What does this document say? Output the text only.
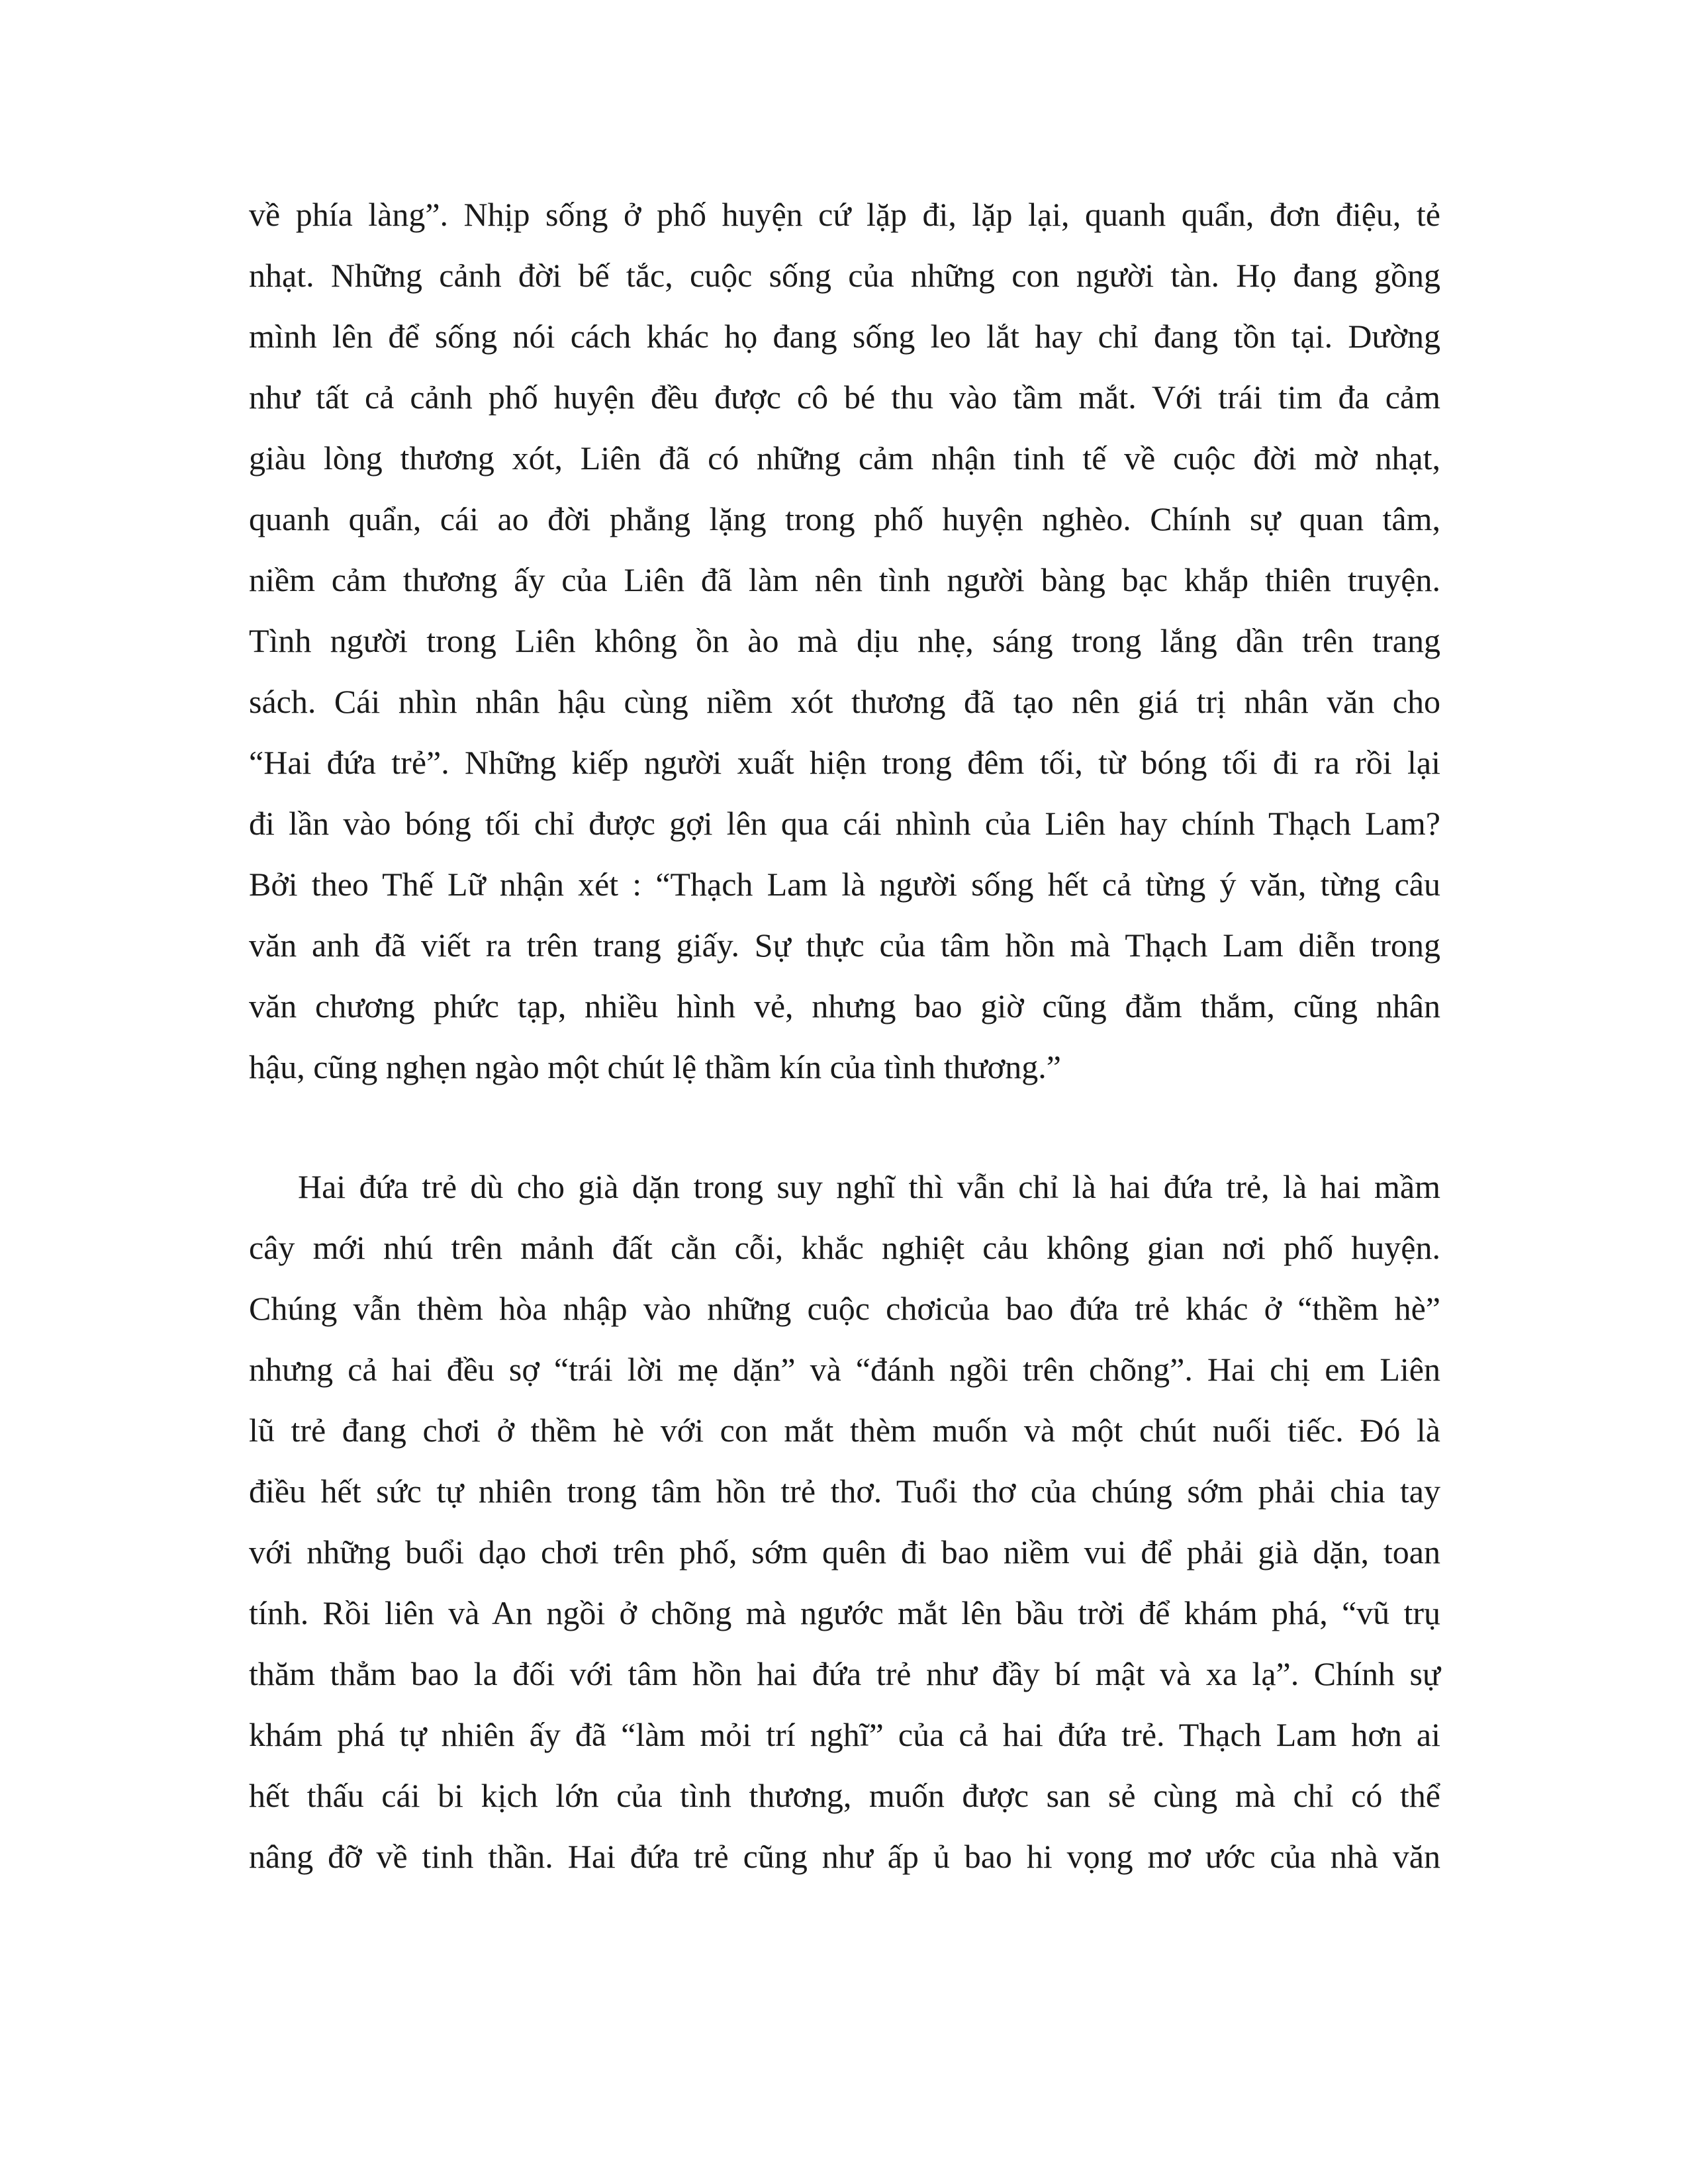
về phía làng”. Nhịp sống ở phố huyện cứ lặp đi, lặp lại, quanh quẩn, đơn điệu, tẻ
nhạt. Những cảnh đời bế tắc, cuộc sống của những con người tàn. Họ đang gồng
mình lên để sống nói cách khác họ đang sống leo lắt hay chỉ đang tồn tại. Dường
như tất cả cảnh phố huyện đều được cô bé thu vào tầm mắt. Với trái tim đa cảm
giàu lòng thương xót, Liên đã có những cảm nhận tinh tế về cuộc đời mờ nhạt,
quanh quẩn, cái ao đời phẳng lặng trong phố huyện nghèo. Chính sự quan tâm,
niềm cảm thương ấy của Liên đã làm nên tình người bàng bạc khắp thiên truyện.
Tình người trong Liên không ồn ào mà dịu nhẹ, sáng trong lắng dần trên trang
sách. Cái nhìn nhân hậu cùng niềm xót thương đã tạo nên giá trị nhân văn cho
“Hai đứa trẻ”. Những kiếp người xuất hiện trong đêm tối, từ bóng tối đi ra rồi lại
đi lần vào bóng tối chỉ được gợi lên qua cái nhình của Liên hay chính Thạch Lam?
Bởi theo Thế Lữ nhận xét : “Thạch Lam là người sống hết cả từng ý văn, từng câu
văn anh đã viết ra trên trang giấy. Sự thực của tâm hồn mà Thạch Lam diễn trong
văn chương phức tạp, nhiều hình vẻ, nhưng bao giờ cũng đằm thắm, cũng nhân
hậu, cũng nghẹn ngào một chút lệ thầm kín của tình thương.”
Hai đứa trẻ dù cho già dặn trong suy nghĩ thì vẫn chỉ là hai đứa trẻ, là hai mầm
cây mới nhú trên mảnh đất cằn cỗi, khắc nghiệt cảu không gian nơi phố huyện.
Chúng vẫn thèm hòa nhập vào những cuộc chơicủa bao đứa trẻ khác ở “thềm hè”
nhưng cả hai đều sợ “trái lời mẹ dặn” và “đánh ngồi trên chõng”. Hai chị em Liên
lũ trẻ đang chơi ở thềm hè với con mắt thèm muốn và một chút nuối tiếc. Đó là
điều hết sức tự nhiên trong tâm hồn trẻ thơ. Tuổi thơ của chúng sớm phải chia tay
với những buổi dạo chơi trên phố, sớm quên đi bao niềm vui để phải già dặn, toan
tính. Rồi liên và An ngồi ở chõng mà ngước mắt lên bầu trời để khám phá, “vũ trụ
thăm thẳm bao la đối với tâm hồn hai đứa trẻ như đầy bí mật và xa lạ”. Chính sự
khám phá tự nhiên ấy đã “làm mỏi trí nghĩ” của cả hai đứa trẻ. Thạch Lam hơn ai
hết thấu cái bi kịch lớn của tình thương, muốn được san sẻ cùng mà chỉ có thể
nâng đỡ về tinh thần. Hai đứa trẻ cũng như ấp ủ bao hi vọng mơ ước của nhà văn
